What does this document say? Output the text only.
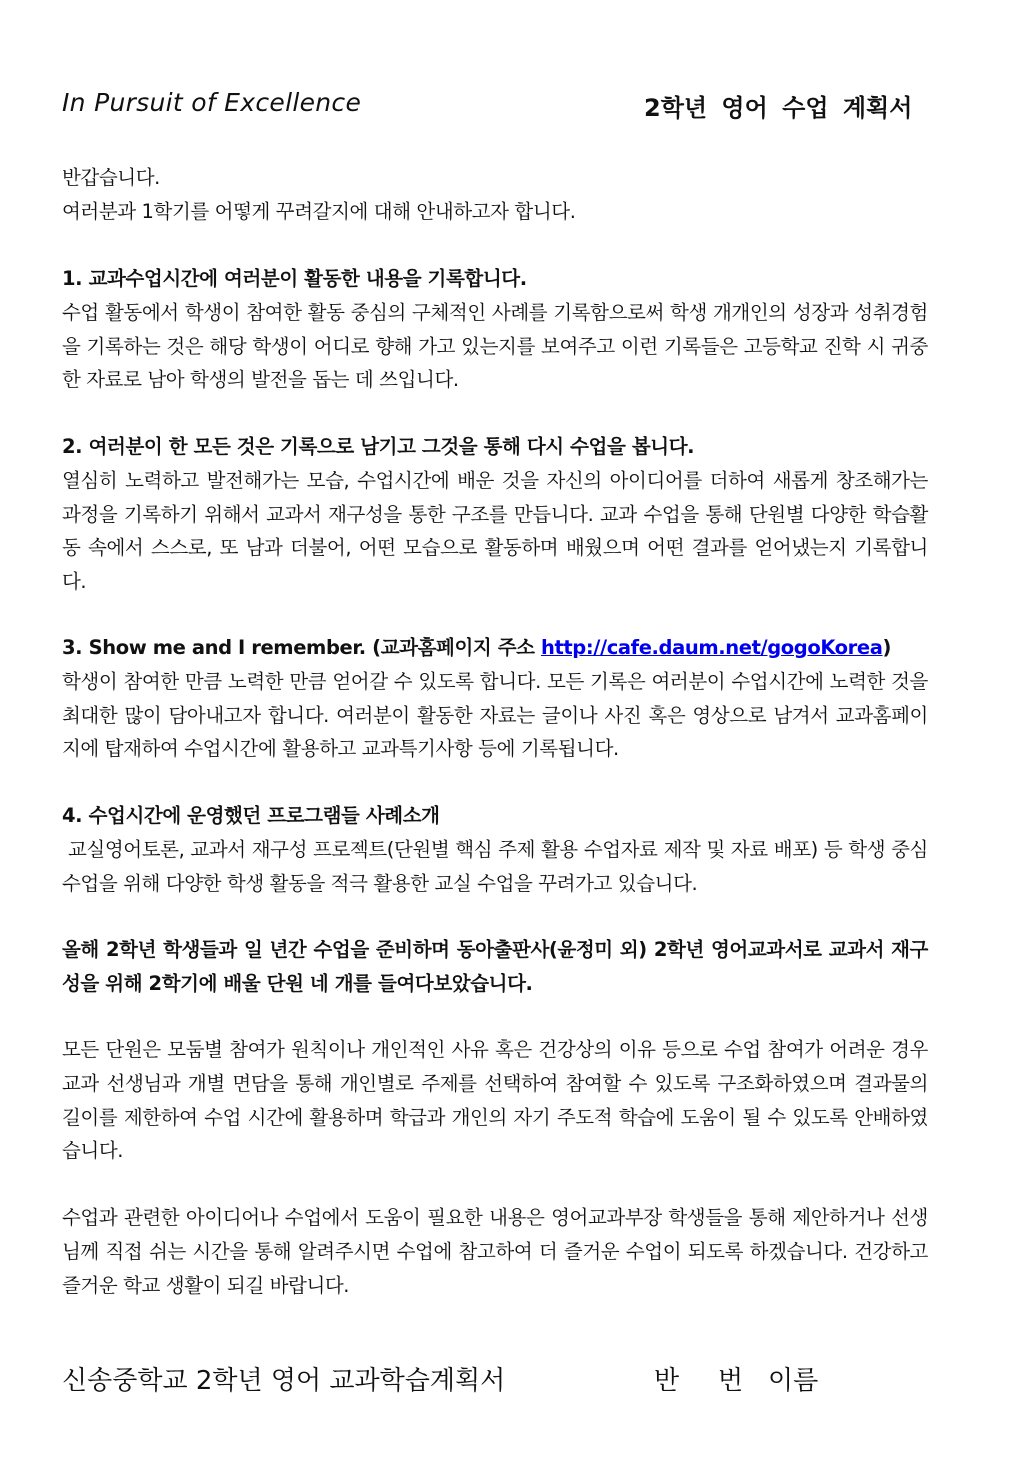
In Pursuit of Excellence	2학년 영어 수업 계획서

반갑습니다.

여러분과 1학기를 어떻게 꾸려갈지에 대해 안내하고자 합니다.

1. 교과수업시간에 여러분이 활동한 내용을 기록합니다.

수업 활동에서 학생이 참여한 활동 중심의 구체적인 사례를 기록함으로써 학생 개개인의 성장과 성취경험을 기록하는 것은 해당 학생이 어디로 향해 가고 있는지를 보여주고 이런 기록들은 고등학교 진학 시 귀중한 자료로 남아 학생의 발전을 돕는 데 쓰입니다.

2. 여러분이 한 모든 것은 기록으로 남기고 그것을 통해 다시 수업을 봅니다.

열심히 노력하고 발전해가는 모습, 수업시간에 배운 것을 자신의 아이디어를 더하여 새롭게 창조해가는 과정을 기록하기 위해서 교과서 재구성을 통한 구조를 만듭니다. 교과 수업을 통해 단원별 다양한 학습활동 속에서 스스로, 또 남과 더불어, 어떤 모습으로 활동하며 배웠으며 어떤 결과를 얻어냈는지 기록합니다.

3. Show me and I remember. (교과홈페이지 주소 http://cafe.daum.net/gogoKorea)

학생이 참여한 만큼 노력한 만큼 얻어갈 수 있도록 합니다. 모든 기록은 여러분이 수업시간에 노력한 것을 최대한 많이 담아내고자 합니다. 여러분이 활동한 자료는 글이나 사진 혹은 영상으로 남겨서 교과홈페이지에 탑재하여 수업시간에 활용하고 교과특기사항 등에 기록됩니다.

4. 수업시간에 운영했던 프로그램들 사례소개

교실영어토론, 교과서 재구성 프로젝트(단원별 핵심 주제 활용 수업자료 제작 및 자료 배포) 등 학생 중심 수업을 위해 다양한 학생 활동을 적극 활용한 교실 수업을 꾸려가고 있습니다.

올해 2학년 학생들과 일 년간 수업을 준비하며 동아출판사(윤정미 외) 2학년 영어교과서로 교과서 재구성을 위해 2학기에 배울 단원 네 개를 들여다보았습니다.

모든 단원은 모둠별 참여가 원칙이나 개인적인 사유 혹은 건강상의 이유 등으로 수업 참여가 어려운 경우 교과 선생님과 개별 면담을 통해 개인별로 주제를 선택하여 참여할 수 있도록 구조화하였으며 결과물의 길이를 제한하여 수업 시간에 활용하며 학급과 개인의 자기 주도적 학습에 도움이 될 수 있도록 안배하였습니다.

수업과 관련한 아이디어나 수업에서 도움이 필요한 내용은 영어교과부장 학생들을 통해 제안하거나 선생님께 직접 쉬는 시간을 통해 알려주시면 수업에 참고하여 더 즐거운 수업이 되도록 하겠습니다. 건강하고 즐거운 학교 생활이 되길 바랍니다.

신송중학교 2학년 영어 교과학습계획서	반 번 이름
